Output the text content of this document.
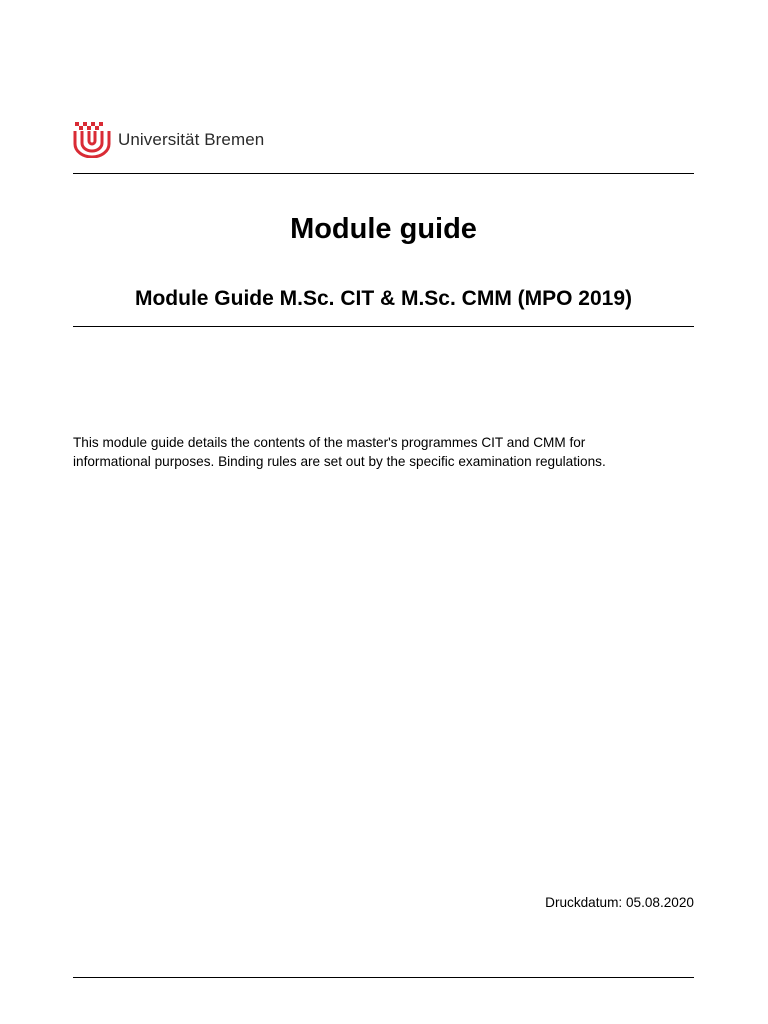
Universität Bremen
Module guide
Module Guide M.Sc. CIT & M.Sc. CMM (MPO 2019)
This module guide details the contents of the master's programmes CIT and CMM for
informational purposes. Binding rules are set out by the specific examination regulations.
Druckdatum: 05.08.2020
